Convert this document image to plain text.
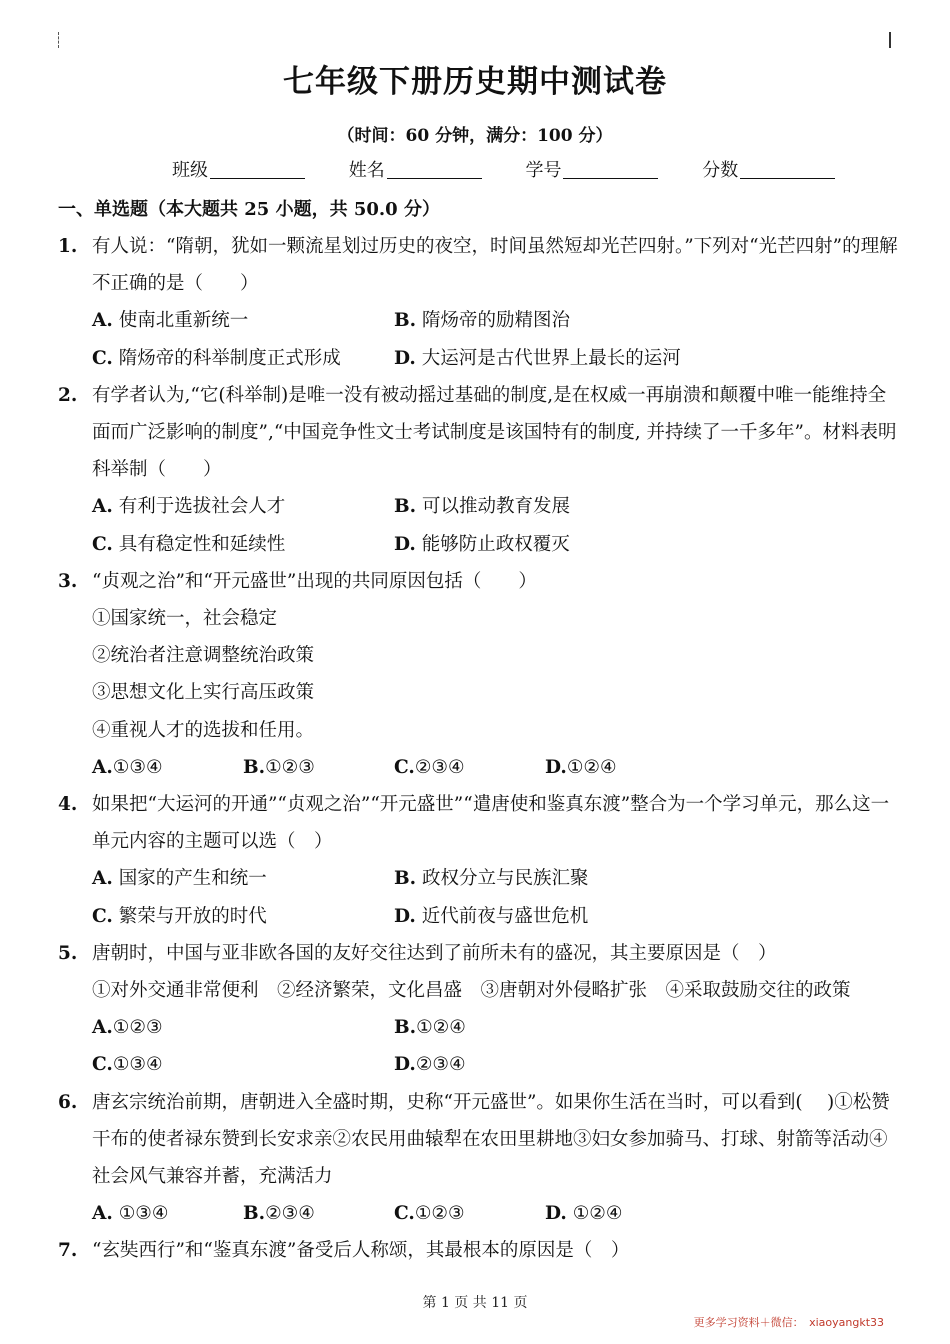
七年级下册历史期中测试卷
（时间：60 分钟，满分：100 分）
班级	姓名	学号	分数
一、单选题（本大题共 25 小题，共 50.0 分）
1. 有人说：“隋朝，犹如一颗流星划过历史的夜空，时间虽然短却光芒四射。”下列对“光芒四射”的理解不正确的是（　　）
A. 使南北重新统一	B. 隋炀帝的励精图治
C. 隋炀帝的科举制度正式形成	D. 大运河是古代世界上最长的运河
2. 有学者认为,“它(科举制)是唯一没有被动摇过基础的制度,是在权威一再崩溃和颠覆中唯一能维持全面而广泛影响的制度”,“中国竞争性文士考试制度是该国特有的制度, 并持续了一千多年”。材料表明科举制（　　）
A. 有利于选拔社会人才	B. 可以推动教育发展
C. 具有稳定性和延续性	D. 能够防止政权覆灭
3. “贞观之治”和“开元盛世”出现的共同原因包括（　　）
①国家统一，社会稳定
②统治者注意调整统治政策
③思想文化上实行高压政策
④重视人才的选拔和任用。
A.①③④	B.①②③	C.②③④	D.①②④
4. 如果把“大运河的开通”“贞观之治”“开元盛世”“遣唐使和鉴真东渡”整合为一个学习单元，那么这一单元内容的主题可以选（　）
A. 国家的产生和统一	B. 政权分立与民族汇聚
C. 繁荣与开放的时代	D. 近代前夜与盛世危机
5. 唐朝时，中国与亚非欧各国的友好交往达到了前所未有的盛况，其主要原因是（　）
①对外交通非常便利　②经济繁荣，文化昌盛　③唐朝对外侵略扩张　④采取鼓励交往的政策
A.①②③	B.①②④
C.①③④	D.②③④
6. 唐玄宗统治前期，唐朝进入全盛时期，史称“开元盛世”。如果你生活在当时，可以看到(　 )①松赞干布的使者禄东赞到长安求亲②农民用曲辕犁在农田里耕地③妇女参加骑马、打球、射箭等活动④社会风气兼容并蓄，充满活力
A. ①③④	B.②③④	C.①②③	D. ①②④
7. “玄奘西行”和“鉴真东渡”备受后人称颂，其最根本的原因是（　）
第 1 页 共 11 页
更多学习资料＋微信：　xiaoyangkt33
